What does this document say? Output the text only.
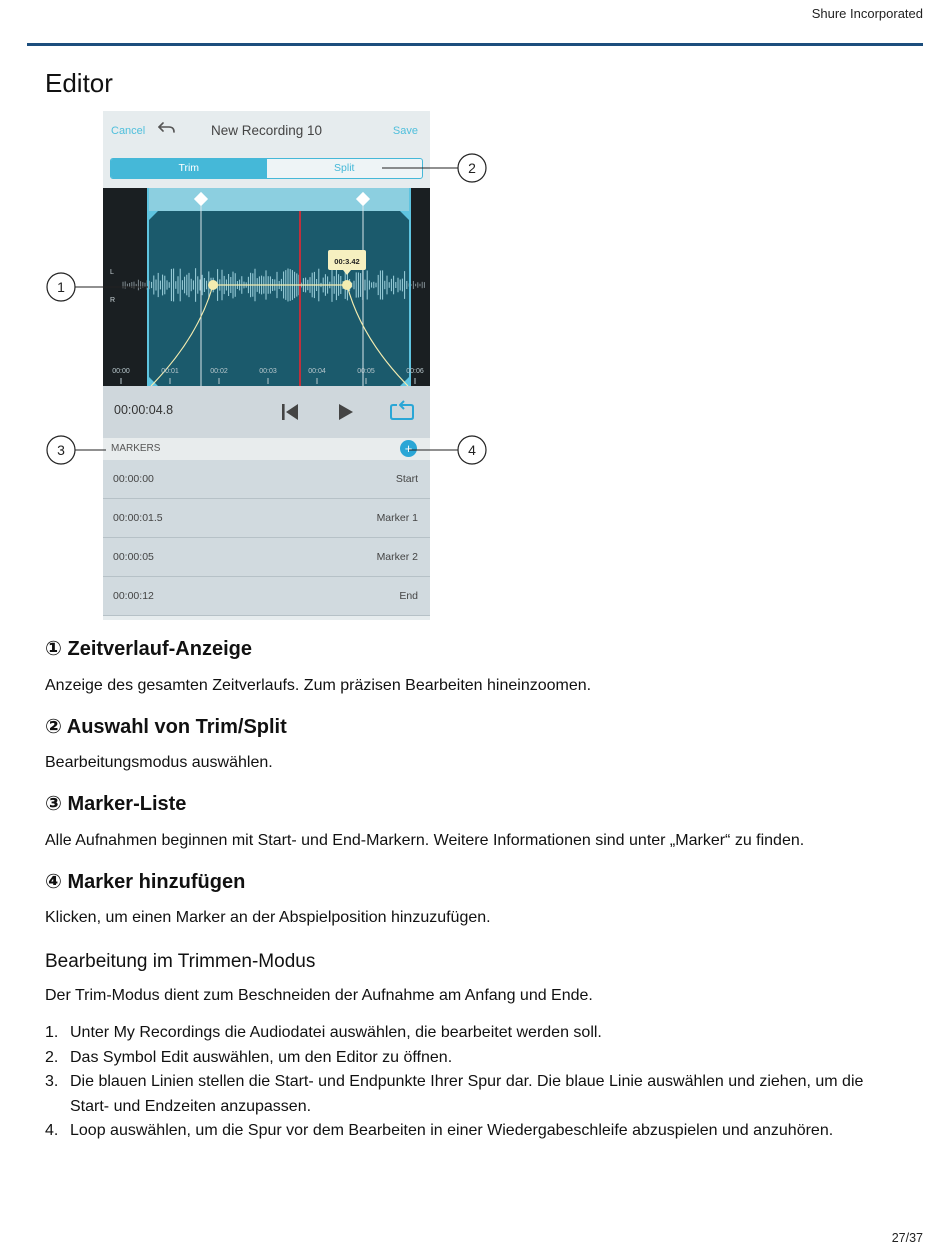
Shure Incorporated
Editor
Cancel	New Recording 10	Save
Trim	Split
00:3.42
L
R
00:00	00:01	00:02	00:03	00:04	00:05	00:06
00:00:04.8
MARKERS	+
00:00:00	Start
00:00:01.5	Marker 1
00:00:05	Marker 2
00:00:12	End
1
2
3	4
① Zeitverlauf-Anzeige

Anzeige des gesamten Zeitverlaufs. Zum präzisen Bearbeiten hineinzoomen.

② Auswahl von Trim/Split

Bearbeitungsmodus auswählen.

③ Marker-Liste

Alle Aufnahmen beginnen mit Start- und End-Markern. Weitere Informationen sind unter „Marker“ zu finden.

④ Marker hinzufügen

Klicken, um einen Marker an der Abspielposition hinzuzufügen.

Bearbeitung im Trimmen-Modus

Der Trim-Modus dient zum Beschneiden der Aufnahme am Anfang und Ende.

1. Unter My Recordings die Audiodatei auswählen, die bearbeitet werden soll.
2. Das Symbol Edit auswählen, um den Editor zu öffnen.
3. Die blauen Linien stellen die Start- und Endpunkte Ihrer Spur dar. Die blaue Linie auswählen und ziehen, um die Start- und Endzeiten anzupassen.
4. Loop auswählen, um die Spur vor dem Bearbeiten in einer Wiedergabeschleife abzuspielen und anzuhören.
27/37
